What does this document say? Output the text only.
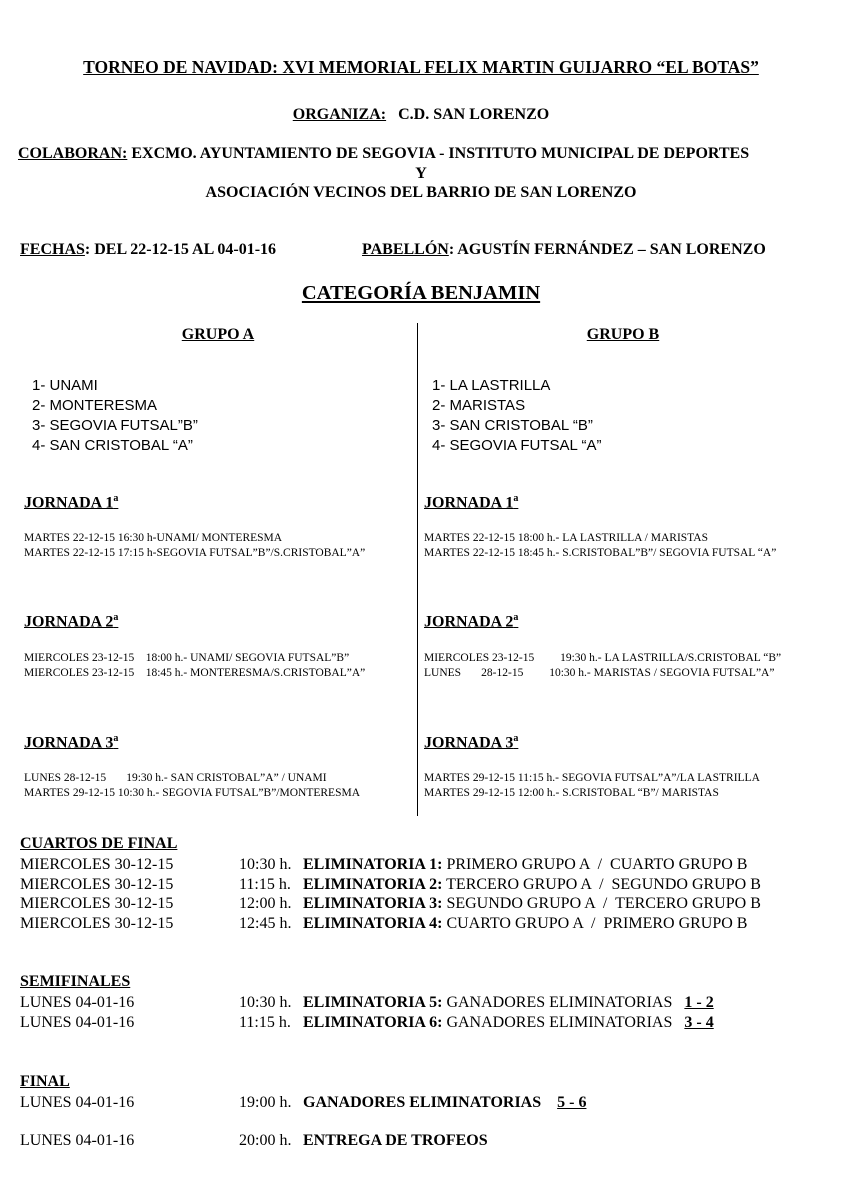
TORNEO DE NAVIDAD: XVI MEMORIAL FELIX MARTIN GUIJARRO “EL BOTAS”
ORGANIZA: C.D. SAN LORENZO
COLABORAN: EXCMO. AYUNTAMIENTO DE SEGOVIA - INSTITUTO MUNICIPAL DE DEPORTES
Y
ASOCIACIÓN VECINOS DEL BARRIO DE SAN LORENZO
FECHAS: DEL 22-12-15 AL 04-01-16	PABELLÓN: AGUSTÍN FERNÁNDEZ – SAN LORENZO
CATEGORÍA BENJAMIN
GRUPO A	GRUPO B
1- UNAMI
2- MONTERESMA
3- SEGOVIA FUTSAL”B”
4- SAN CRISTOBAL “A”
1- LA LASTRILLA
2- MARISTAS
3- SAN CRISTOBAL “B”
4- SEGOVIA FUTSAL “A”
JORNADA 1$^a$
MARTES 22-12-15 16:30 h-UNAMI/ MONTERESMA
MARTES 22-12-15 17:15 h-SEGOVIA FUTSAL”B”/S.CRISTOBAL”A”
JORNADA 2$^a$
MIERCOLES 23-12-15    18:00 h.- UNAMI/ SEGOVIA FUTSAL”B”
MIERCOLES 23-12-15    18:45 h.- MONTERESMA/S.CRISTOBAL”A”
JORNADA 3$^a$
LUNES 28-12-15       19:30 h.- SAN CRISTOBAL”A” / UNAMI
MARTES 29-12-15 10:30 h.- SEGOVIA FUTSAL”B”/MONTERESMA
JORNADA 1$^a$
MARTES 22-12-15 18:00 h.- LA LASTRILLA / MARISTAS
MARTES 22-12-15 18:45 h.- S.CRISTOBAL”B”/ SEGOVIA FUTSAL “A”
JORNADA 2$^a$
MIERCOLES 23-12-15         19:30 h.- LA LASTRILLA/S.CRISTOBAL “B”
LUNES       28-12-15         10:30 h.- MARISTAS / SEGOVIA FUTSAL”A”
JORNADA 3$^a$
MARTES 29-12-15 11:15 h.- SEGOVIA FUTSAL”A”/LA LASTRILLA
MARTES 29-12-15 12:00 h.- S.CRISTOBAL “B”/ MARISTAS
CUARTOS DE FINAL
MIERCOLES 30-12-15	10:30 h. ELIMINATORIA 1: PRIMERO GRUPO A  /  CUARTO GRUPO B
MIERCOLES 30-12-15	11:15 h. ELIMINATORIA 2: TERCERO GRUPO A  /  SEGUNDO GRUPO B
MIERCOLES 30-12-15	12:00 h. ELIMINATORIA 3: SEGUNDO GRUPO A  /  TERCERO GRUPO B
MIERCOLES 30-12-15	12:45 h. ELIMINATORIA 4: CUARTO GRUPO A  /  PRIMERO GRUPO B
SEMIFINALES
LUNES 04-01-16	10:30 h. ELIMINATORIA 5: GANADORES ELIMINATORIAS   1 - 2
LUNES 04-01-16	11:15 h. ELIMINATORIA 6: GANADORES ELIMINATORIAS   3 - 4
FINAL
LUNES 04-01-16	19:00 h. GANADORES ELIMINATORIAS 5 - 6
LUNES 04-01-16	20:00 h. ENTREGA DE TROFEOS
